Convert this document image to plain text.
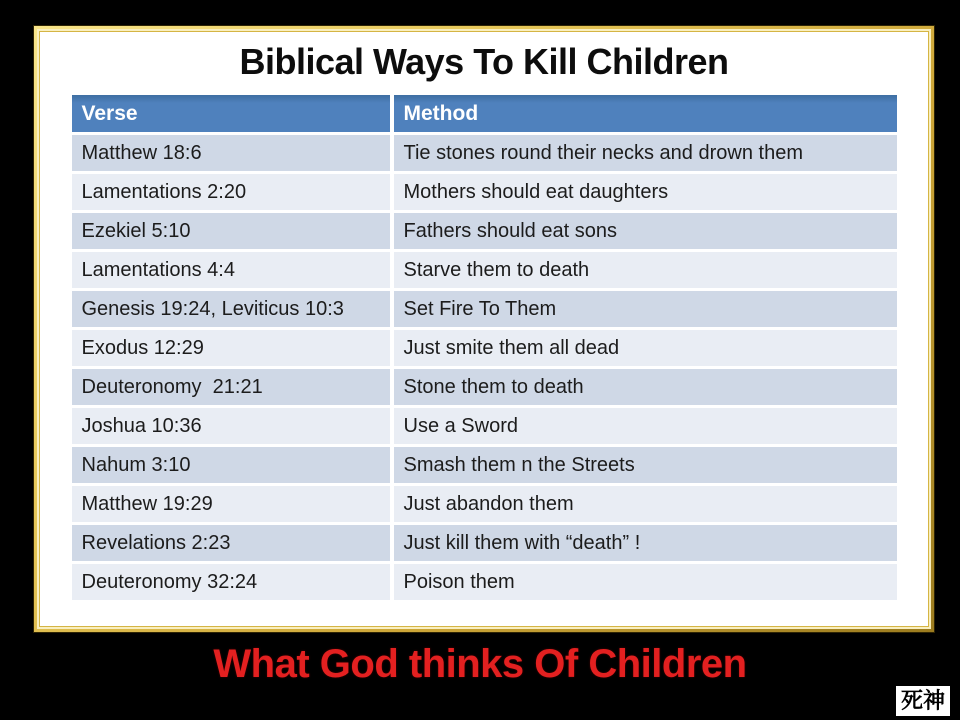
Biblical Ways To Kill Children
Verse	Method
Matthew 18:6	Tie stones round their necks and drown them
Lamentations 2:20	Mothers should eat daughters
Ezekiel 5:10	Fathers should eat sons
Lamentations 4:4	Starve them to death
Genesis 19:24, Leviticus 10:3	Set Fire To Them
Exodus 12:29	Just smite them all dead
Deuteronomy  21:21	Stone them to death
Joshua 10:36	Use a Sword
Nahum 3:10	Smash them n the Streets
Matthew 19:29	Just abandon them
Revelations 2:23	Just kill them with “death” !
Deuteronomy 32:24	Poison them
What God thinks Of Children
死神
